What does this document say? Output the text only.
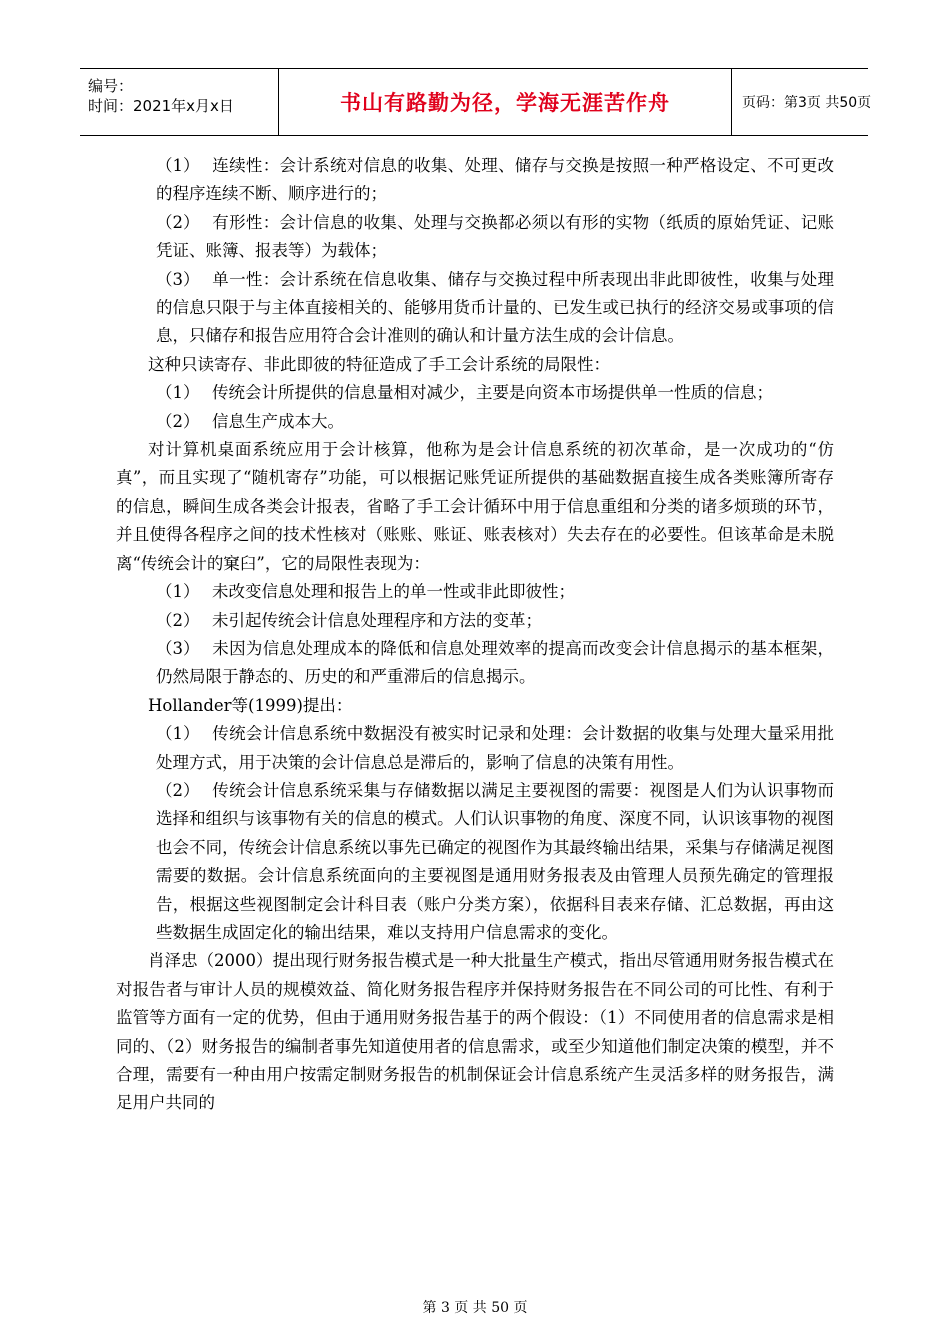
编号：
时间：2021年x月x日	书山有路勤为径，学海无涯苦作舟	页码：第3页 共50页

（1） 连续性：会计系统对信息的收集、处理、储存与交换是按照一种严格设定、不可更改的程序连续不断、顺序进行的；

（2） 有形性：会计信息的收集、处理与交换都必须以有形的实物（纸质的原始凭证、记账凭证、账簿、报表等）为载体；

（3） 单一性：会计系统在信息收集、储存与交换过程中所表现出非此即彼性，收集与处理的信息只限于与主体直接相关的、能够用货币计量的、已发生或已执行的经济交易或事项的信息，只储存和报告应用符合会计准则的确认和计量方法生成的会计信息。

这种只读寄存、非此即彼的特征造成了手工会计系统的局限性：

（1） 传统会计所提供的信息量相对减少，主要是向资本市场提供单一性质的信息；

（2） 信息生产成本大。

对计算机桌面系统应用于会计核算，他称为是会计信息系统的初次革命，是一次成功的“仿真”，而且实现了“随机寄存”功能，可以根据记账凭证所提供的基础数据直接生成各类账簿所寄存的信息，瞬间生成各类会计报表，省略了手工会计循环中用于信息重组和分类的诸多烦琐的环节，并且使得各程序之间的技术性核对（账账、账证、账表核对）失去存在的必要性。但该革命是未脱离“传统会计的窠臼”，它的局限性表现为：

（1） 未改变信息处理和报告上的单一性或非此即彼性；

（2） 未引起传统会计信息处理程序和方法的变革；

（3） 未因为信息处理成本的降低和信息处理效率的提高而改变会计信息揭示的基本框架，仍然局限于静态的、历史的和严重滞后的信息揭示。

Hollander等(1999)提出：

（1） 传统会计信息系统中数据没有被实时记录和处理：会计数据的收集与处理大量采用批处理方式，用于决策的会计信息总是滞后的，影响了信息的决策有用性。

（2） 传统会计信息系统采集与存储数据以满足主要视图的需要：视图是人们为认识事物而选择和组织与该事物有关的信息的模式。人们认识事物的角度、深度不同，认识该事物的视图也会不同，传统会计信息系统以事先已确定的视图作为其最终输出结果，采集与存储满足视图需要的数据。会计信息系统面向的主要视图是通用财务报表及由管理人员预先确定的管理报告，根据这些视图制定会计科目表（账户分类方案），依据科目表来存储、汇总数据，再由这些数据生成固定化的输出结果，难以支持用户信息需求的变化。

肖泽忠（2000）提出现行财务报告模式是一种大批量生产模式，指出尽管通用财务报告模式在对报告者与审计人员的规模效益、简化财务报告程序并保持财务报告在不同公司的可比性、有利于监管等方面有一定的优势，但由于通用财务报告基于的两个假设：（1）不同使用者的信息需求是相同的、（2）财务报告的编制者事先知道使用者的信息需求，或至少知道他们制定决策的模型，并不合理，需要有一种由用户按需定制财务报告的机制保证会计信息系统产生灵活多样的财务报告，满足用户共同的

第 3 页 共 50 页
